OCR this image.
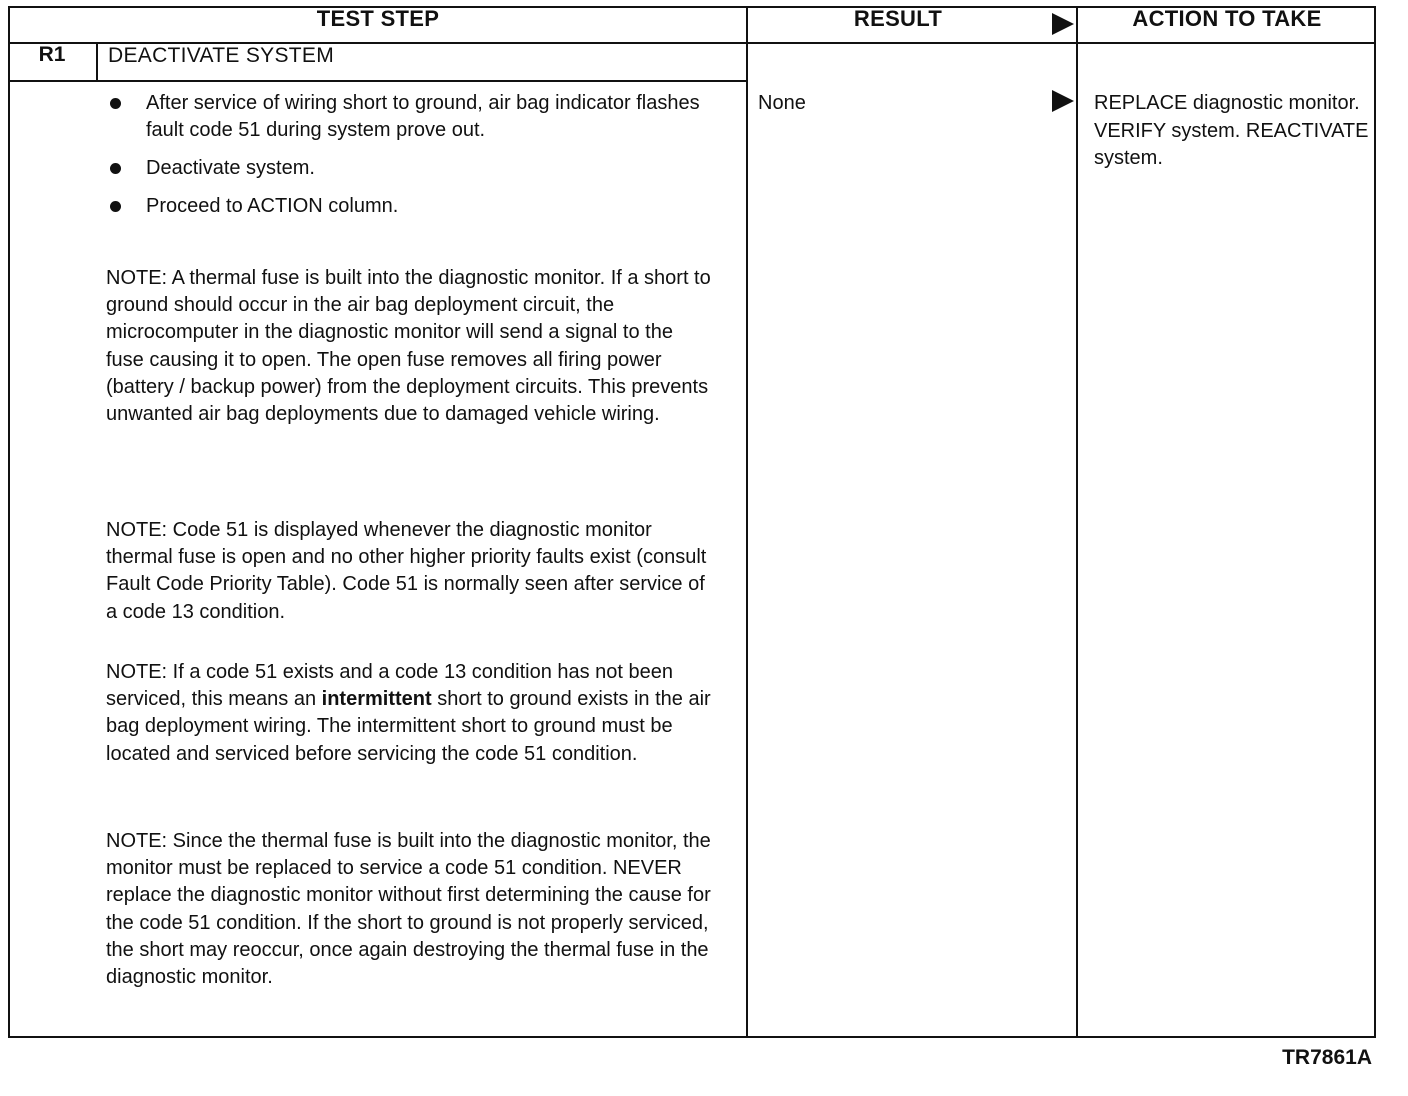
TEST STEP	RESULT	ACTION TO TAKE
R1	DEACTIVATE SYSTEM
After service of wiring short to ground, air bag indicator flashes fault code 51 during system prove out.
Deactivate system.
Proceed to ACTION column.
NOTE: A thermal fuse is built into the diagnostic monitor. If a short to ground should occur in the air bag deployment circuit, the microcomputer in the diagnostic monitor will send a signal to the fuse causing it to open. The open fuse removes all firing power (battery / backup power) from the deployment circuits. This prevents unwanted air bag deployments due to damaged vehicle wiring.
NOTE: Code 51 is displayed whenever the diagnostic monitor thermal fuse is open and no other higher priority faults exist (consult Fault Code Priority Table). Code 51 is normally seen after service of a code 13 condition.
NOTE: If a code 51 exists and a code 13 condition has not been serviced, this means an intermittent short to ground exists in the air bag deployment wiring. The intermittent short to ground must be located and serviced before servicing the code 51 condition.
NOTE: Since the thermal fuse is built into the diagnostic monitor, the monitor must be replaced to service a code 51 condition. NEVER replace the diagnostic monitor without first determining the cause for the code 51 condition. If the short to ground is not properly serviced, the short may reoccur, once again destroying the thermal fuse in the diagnostic monitor.
None	REPLACE diagnostic monitor. VERIFY system. REACTIVATE system.
TR7861A
